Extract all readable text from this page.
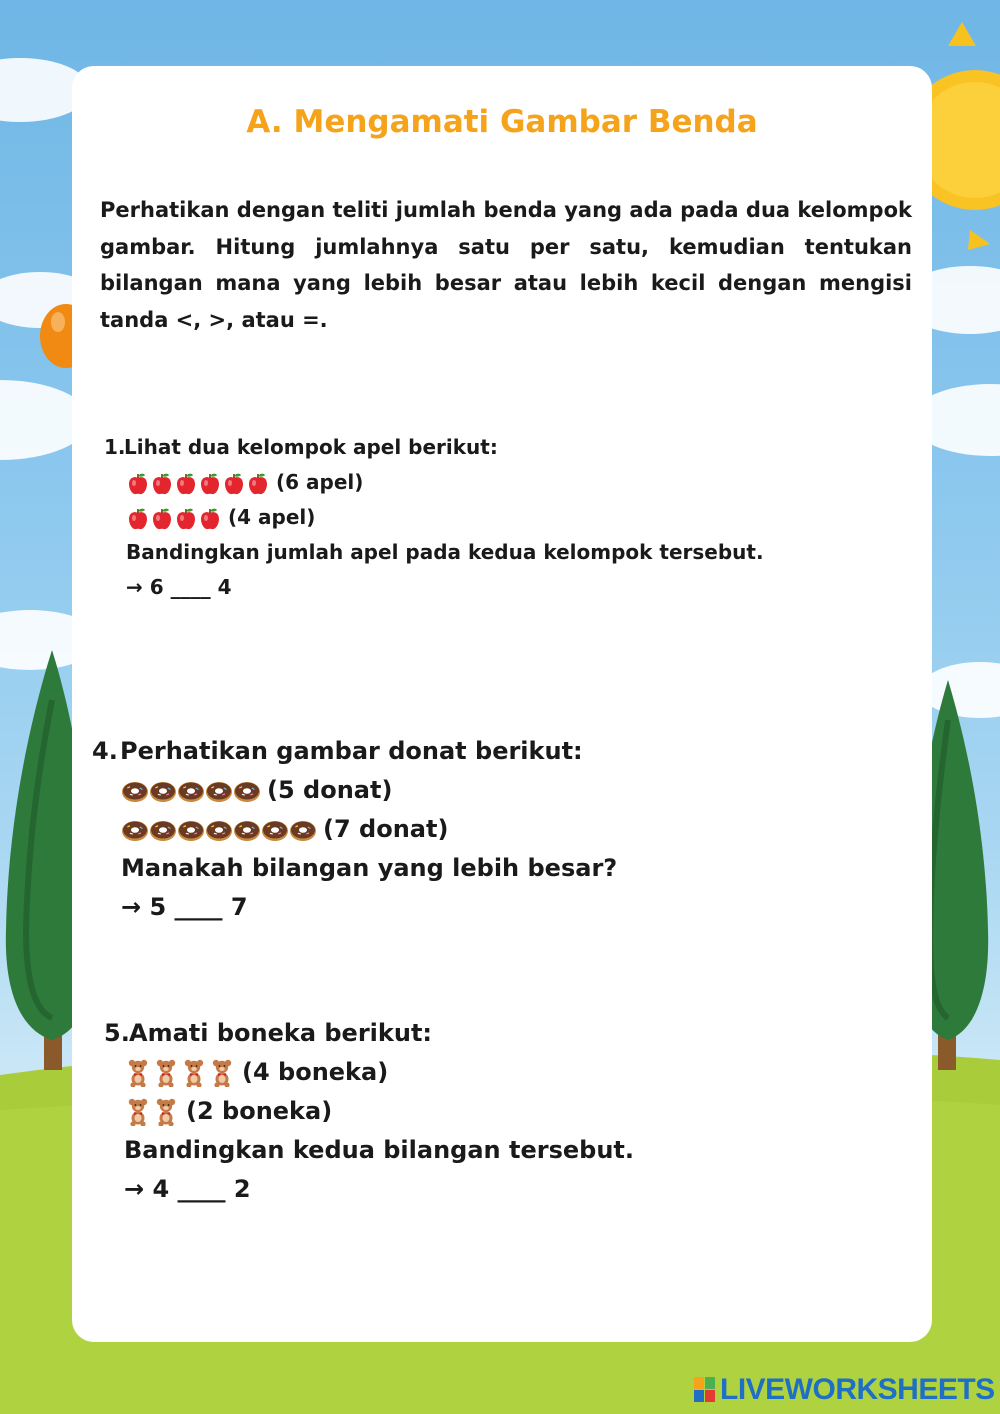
A. Mengamati Gambar Benda

Perhatikan dengan teliti jumlah benda yang ada pada dua kelompok gambar. Hitung jumlahnya satu per satu, kemudian tentukan bilangan mana yang lebih besar atau lebih kecil dengan mengisi tanda <, >, atau =.

1.
Lihat dua kelompok apel berikut:
(6 apel)
(4 apel)
Bandingkan jumlah apel pada kedua kelompok tersebut.
→ 6 ____ 4
4. Perhatikan gambar donat berikut:
(5 donat)
(7 donat)
Manakah bilangan yang lebih besar?
→ 5 ____ 7
5. Amati boneka berikut:
(4 boneka)
(2 boneka)
Bandingkan kedua bilangan tersebut.
→ 4 ____ 2
LIVEWORKSHEETS
